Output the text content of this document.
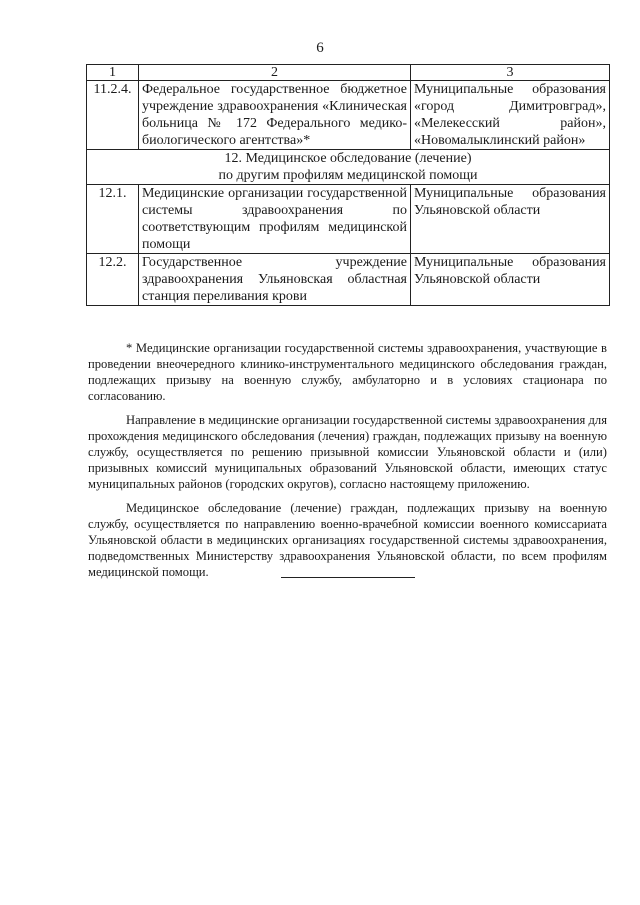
6
1	2	3
11.2.4.	Федеральное государственное бюджетное учреждение здравоохранения «Клиническая больница № 172 Федерального медико-биологического агентства»*	Муниципальные образования «город Димитровград», «Мелекесский район», «Новомалыклинский район»
12. Медицинское обследование (лечение)
по другим профилям медицинской помощи		
12.1.	Медицинские организации государственной системы здравоохранения по соответствующим профилям медицинской помощи	Муниципальные образования Ульяновской области
12.2.	Государственное учреждение здравоохранения Ульяновская областная станция переливания крови	Муниципальные образования Ульяновской области

* Медицинские организации государственной системы здравоохранения, участвующие в проведении внеочередного клинико-инструментального медицинского обследования граждан, подлежащих призыву на военную службу, амбулаторно и в условиях стационара по согласованию.

Направление в медицинские организации государственной системы здравоохранения для прохождения медицинского обследования (лечения) граждан, подлежащих призыву на военную службу, осуществляется по решению призывной комиссии Ульяновской области и (или) призывных комиссий муниципальных образований Ульяновской области, имеющих статус муниципальных районов (городских округов), согласно настоящему приложению.

Медицинское обследование (лечение) граждан, подлежащих призыву на военную службу, осуществляется по направлению военно-врачебной комиссии военного комиссариата Ульяновской области в медицинских организациях государственной системы здравоохранения, подведомственных Министерству здравоохранения Ульяновской области, по всем профилям медицинской помощи.
